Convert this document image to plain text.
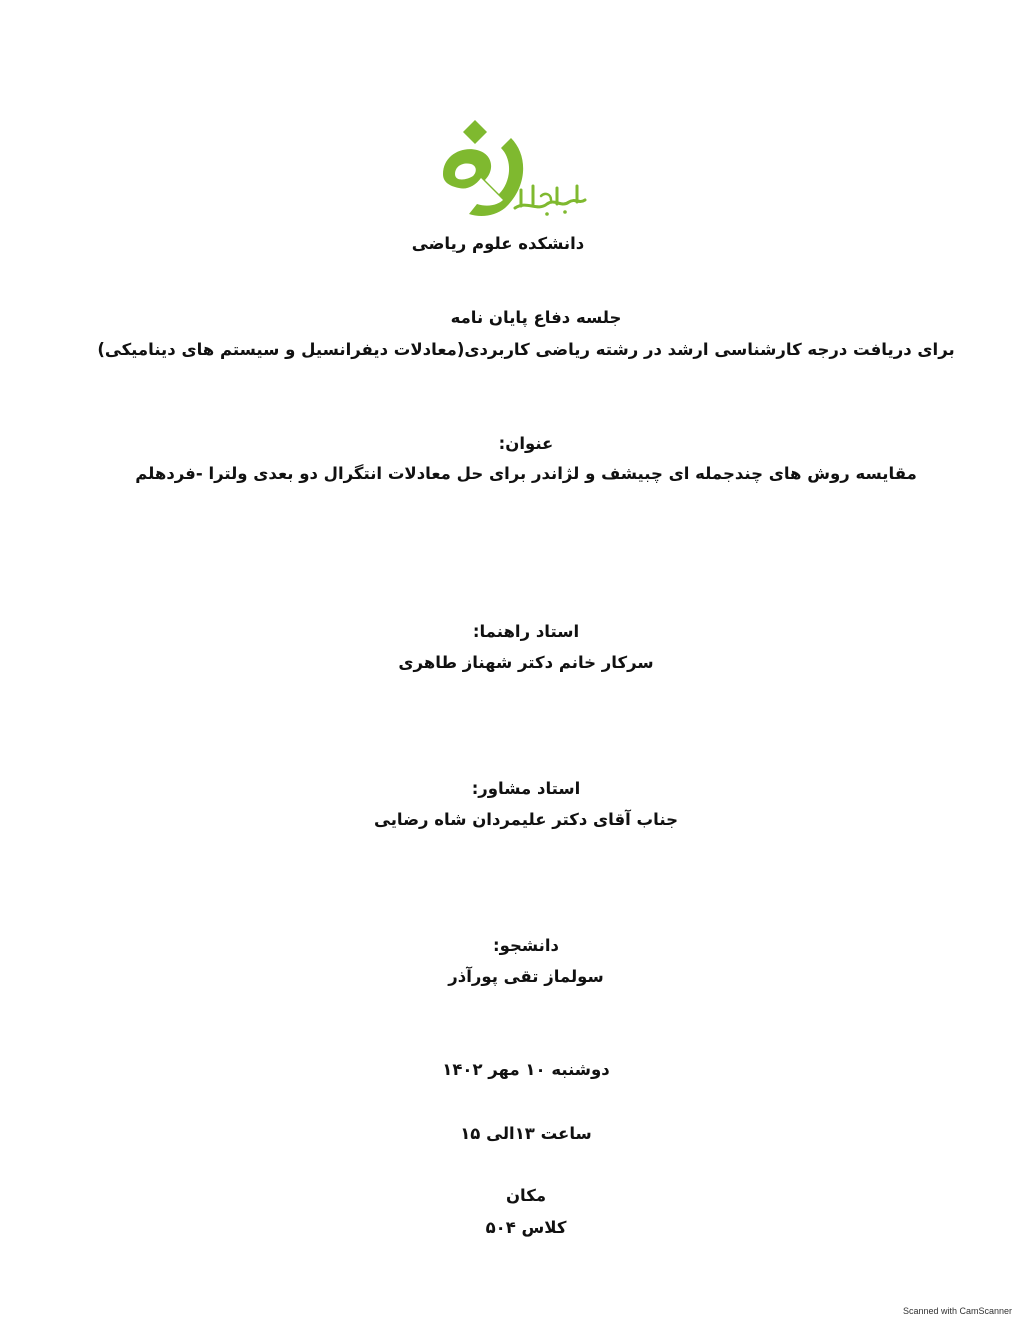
دانشکده علوم ریاضی
جلسه دفاع پایان نامه
برای دریافت درجه کارشناسی ارشد در رشته ریاضی کاربردی(معادلات دیفرانسیل و سیستم های دینامیکی)
عنوان:
مقایسه روش های چندجمله ای چبیشف و لژاندر برای حل معادلات انتگرال دو بعدی ولترا -فردهلم
استاد راهنما:
سرکار خانم دکتر شهناز طاهری
استاد مشاور:
جناب آقای دکتر علیمردان شاه رضایی
دانشجو:
سولماز تقی پورآذر
دوشنبه ۱۰ مهر ۱۴۰۲
ساعت ۱۳الی ۱۵
مکان
کلاس ۵۰۴
Scanned with CamScanner
